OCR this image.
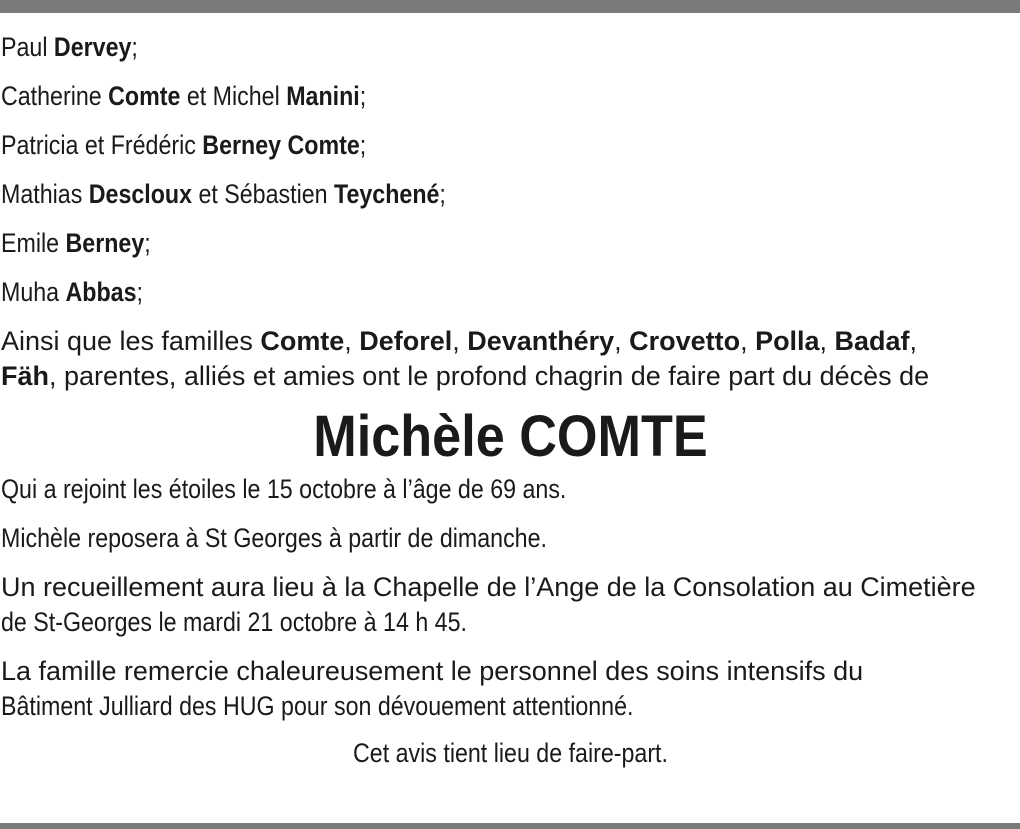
Paul Dervey;
Catherine Comte et Michel Manini;
Patricia et Frédéric Berney Comte;
Mathias Descloux et Sébastien Teychené;
Emile Berney;
Muha Abbas;
Ainsi que les familles Comte, Deforel, Devanthéry, Crovetto, Polla, Badaf,
Fäh, parentes, alliés et amies ont le profond chagrin de faire part du décès de
Michèle COMTE
Qui a rejoint les étoiles le 15 octobre à l’âge de 69 ans.
Michèle reposera à St Georges à partir de dimanche.
Un recueillement aura lieu à la Chapelle de l’Ange de la Consolation au Cimetière
de St-Georges le mardi 21 octobre à 14 h 45.
La famille remercie chaleureusement le personnel des soins intensifs du
Bâtiment Julliard des HUG pour son dévouement attentionné.
Cet avis tient lieu de faire-part.
